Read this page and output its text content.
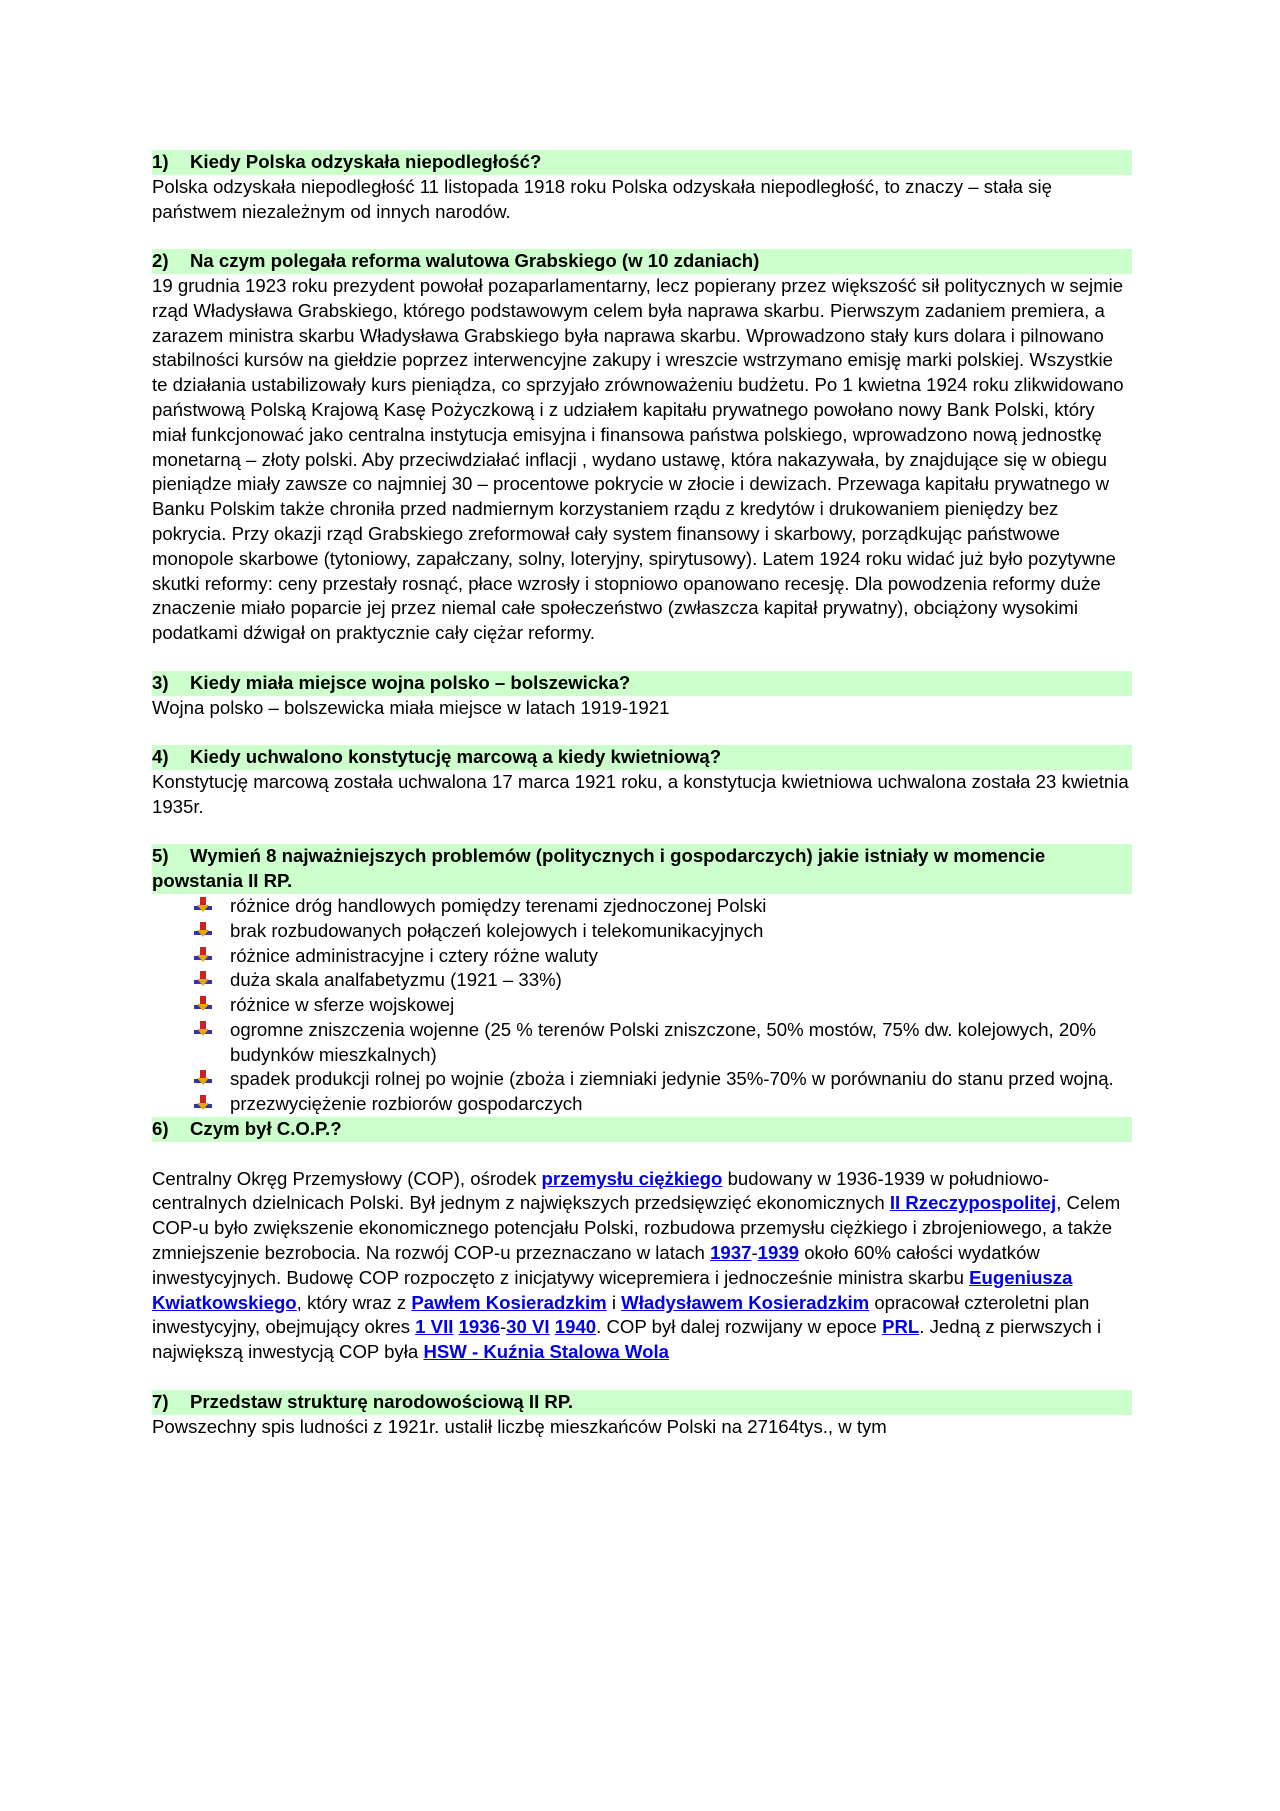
1) Kiedy Polska odzyskała niepodległość?

Polska odzyskała niepodległość 11 listopada 1918 roku Polska odzyskała niepodległość, to znaczy – stała się państwem niezależnym od innych narodów.

2) Na czym polegała reforma walutowa Grabskiego (w 10 zdaniach)

19 grudnia 1923 roku prezydent powołał pozaparlamentarny, lecz popierany przez większość sił politycznych w sejmie rząd Władysława Grabskiego, którego podstawowym celem była naprawa skarbu. Pierwszym zadaniem premiera, a zarazem ministra skarbu Władysława Grabskiego była naprawa skarbu. Wprowadzono stały kurs dolara i pilnowano stabilności kursów na giełdzie poprzez interwencyjne zakupy i wreszcie wstrzymano emisję marki polskiej. Wszystkie te działania ustabilizowały kurs pieniądza, co sprzyjało zrównoważeniu budżetu. Po 1 kwietna 1924 roku zlikwidowano państwową Polską Krajową Kasę Pożyczkową i z udziałem kapitału prywatnego powołano nowy Bank Polski, który miał funkcjonować jako centralna instytucja emisyjna i finansowa państwa polskiego, wprowadzono nową jednostkę monetarną – złoty polski. Aby przeciwdziałać inflacji , wydano ustawę, która nakazywała, by znajdujące się w obiegu pieniądze miały zawsze co najmniej 30 – procentowe pokrycie w złocie i dewizach. Przewaga kapitału prywatnego w Banku Polskim także chroniła przed nadmiernym korzystaniem rządu z kredytów i drukowaniem pieniędzy bez pokrycia. Przy okazji rząd Grabskiego zreformował cały system finansowy i skarbowy, porządkując państwowe monopole skarbowe (tytoniowy, zapałczany, solny, loteryjny, spirytusowy). Latem 1924 roku widać już było pozytywne skutki reformy: ceny przestały rosnąć, płace wzrosły i stopniowo opanowano recesję. Dla powodzenia reformy duże znaczenie miało poparcie jej przez niemal całe społeczeństwo (zwłaszcza kapitał prywatny), obciążony wysokimi podatkami dźwigał on praktycznie cały ciężar reformy.

3) Kiedy miała miejsce wojna polsko – bolszewicka?

Wojna polsko – bolszewicka miała miejsce w latach 1919-1921

4) Kiedy uchwalono konstytucję marcową a kiedy kwietniową?

Konstytucję marcową została uchwalona 17 marca 1921 roku, a konstytucja kwietniowa uchwalona została 23 kwietnia 1935r.

5) Wymień 8 najważniejszych problemów (politycznych i gospodarczych) jakie istniały w momencie powstania II RP.
różnice dróg handlowych pomiędzy terenami zjednoczonej Polski
brak rozbudowanych połączeń kolejowych i telekomunikacyjnych
różnice administracyjne i cztery różne waluty
duża skala analfabetyzmu (1921 – 33%)
różnice w sferze wojskowej
ogromne zniszczenia wojenne (25 % terenów Polski zniszczone, 50% mostów, 75% dw. kolejowych, 20% budynków mieszkalnych)
spadek produkcji rolnej po wojnie (zboża i ziemniaki jedynie 35%-70% w porównaniu do stanu przed wojną.
przezwyciężenie rozbiorów gospodarczych
6) Czym był C.O.P.?

Centralny Okręg Przemysłowy (COP), ośrodek przemysłu ciężkiego budowany w 1936-1939 w południowo-centralnych dzielnicach Polski. Był jednym z największych przedsięwzięć ekonomicznych II Rzeczypospolitej, Celem COP-u było zwiększenie ekonomicznego potencjału Polski, rozbudowa przemysłu ciężkiego i zbrojeniowego, a także zmniejszenie bezrobocia. Na rozwój COP-u przeznaczano w latach 1937-1939 około 60% całości wydatków inwestycyjnych. Budowę COP rozpoczęto z inicjatywy wicepremiera i jednocześnie ministra skarbu Eugeniusza Kwiatkowskiego, który wraz z Pawłem Kosieradzkim i Władysławem Kosieradzkim opracował czteroletni plan inwestycyjny, obejmujący okres 1 VII 1936-30 VI 1940. COP był dalej rozwijany w epoce PRL. Jedną z pierwszych i największą inwestycją COP była HSW - Kuźnia Stalowa Wola

7) Przedstaw strukturę narodowościową II RP.

Powszechny spis ludności z 1921r. ustalił liczbę mieszkańców Polski na 27164tys., w tym
